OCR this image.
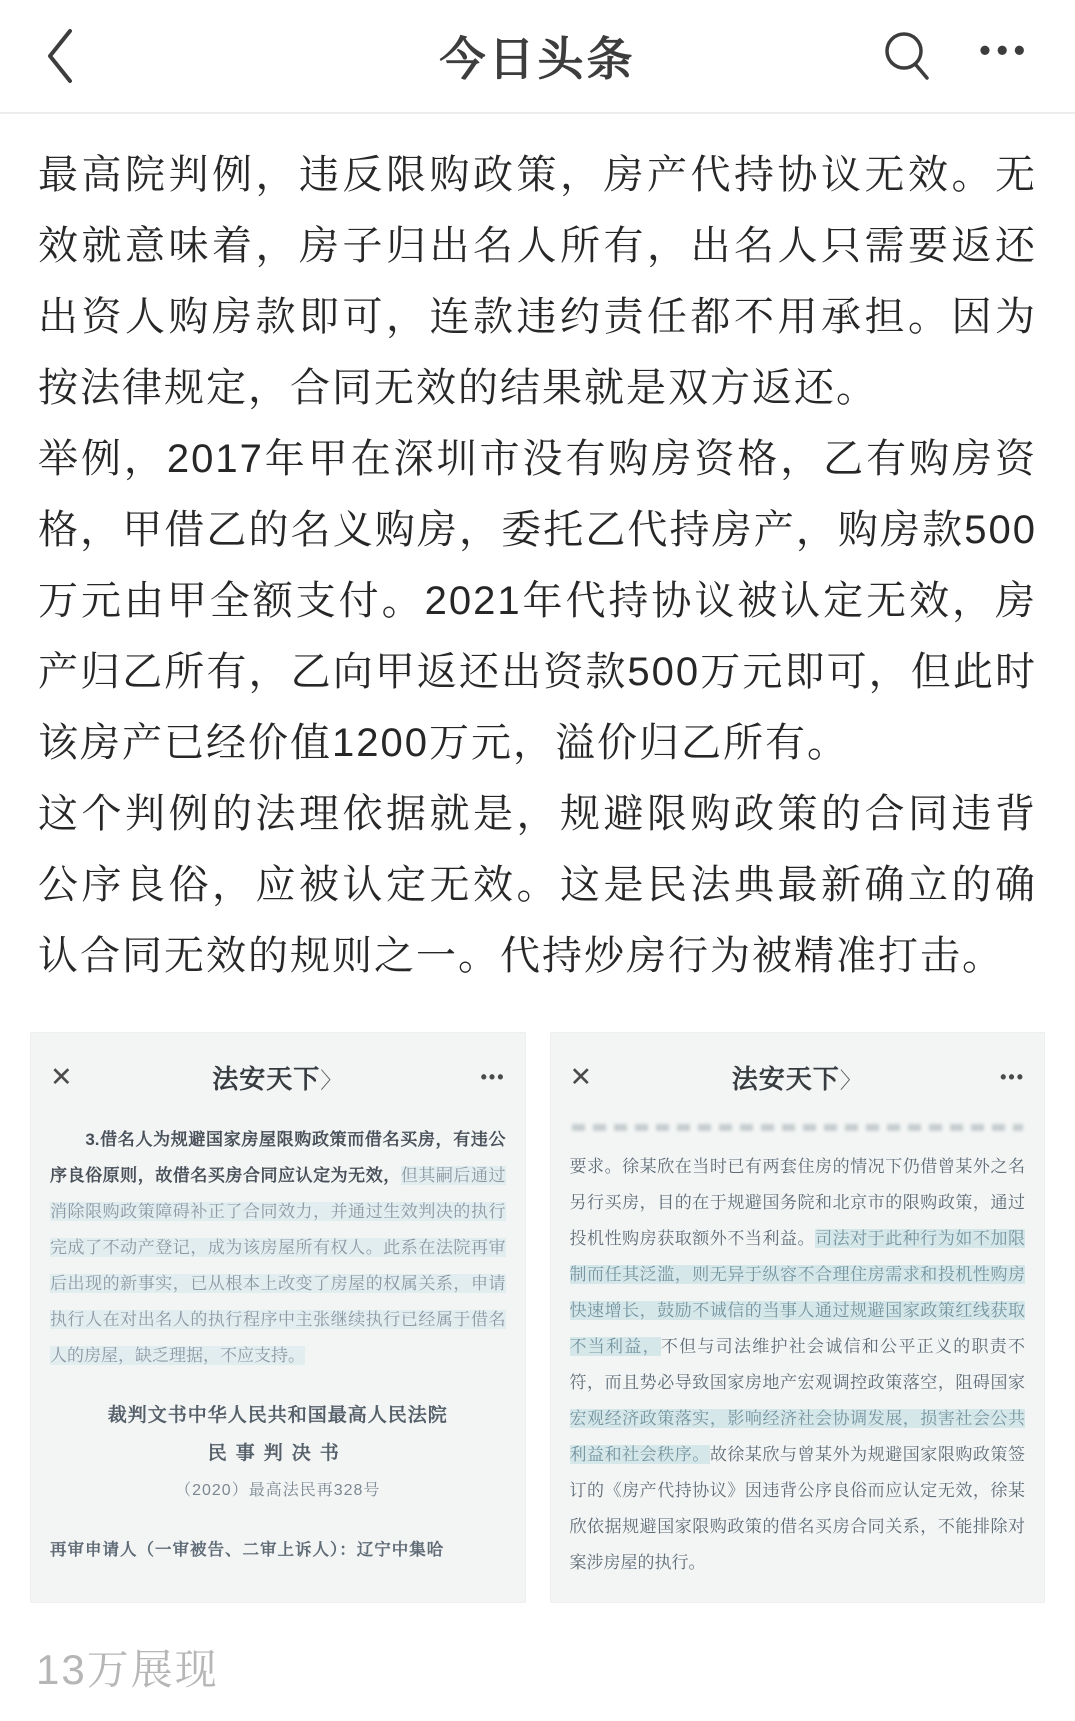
今日头条	•••

最高院判例，违反限购政策，房产代持协议无效。无效就意味着，房子归出名人所有，出名人只需要返还出资人购房款即可，连款违约责任都不用承担。因为按法律规定，合同无效的结果就是双方返还。

举例，2017年甲在深圳市没有购房资格，乙有购房资格，甲借乙的名义购房，委托乙代持房产，购房款500万元由甲全额支付。2021年代持协议被认定无效，房产归乙所有，乙向甲返还出资款500万元即可，但此时该房产已经价值1200万元，溢价归乙所有。

这个判例的法理依据就是，规避限购政策的合同违背公序良俗，应被认定无效。这是民法典最新确立的确认合同无效的规则之一。代持炒房行为被精准打击。

✕	法安天下〉	•••
　　3.借名人为规避国家房屋限购政策而借名买房，有违公序良俗原则，故借名买房合同应认定为无效，但其嗣后通过消除限购政策障碍补正了合同效力，并通过生效判决的执行完成了不动产登记，成为该房屋所有权人。此系在法院再审后出现的新事实，已从根本上改变了房屋的权属关系，申请执行人在对出名人的执行程序中主张继续执行已经属于借名人的房屋，缺乏理据，不应支持。
裁判文书中华人民共和国最高人民法院
民事判决书
（2020）最高法民再328号
再审申请人（一审被告、二审上诉人）：辽宁中集哈
✕	法安天下〉	•••
要求。徐某欣在当时已有两套住房的情况下仍借曾某外之名另行买房，目的在于规避国务院和北京市的限购政策，通过投机性购房获取额外不当利益。司法对于此种行为如不加限制而任其泛滥，则无异于纵容不合理住房需求和投机性购房快速增长，鼓励不诚信的当事人通过规避国家政策红线获取不当利益，不但与司法维护社会诚信和公平正义的职责不符，而且势必导致国家房地产宏观调控政策落空，阻碍国家宏观经济政策落实，影响经济社会协调发展，损害社会公共利益和社会秩序。故徐某欣与曾某外为规避国家限购政策签订的《房产代持协议》因违背公序良俗而应认定无效，徐某欣依据规避国家限购政策的借名买房合同关系，不能排除对案涉房屋的执行。
13万展现
